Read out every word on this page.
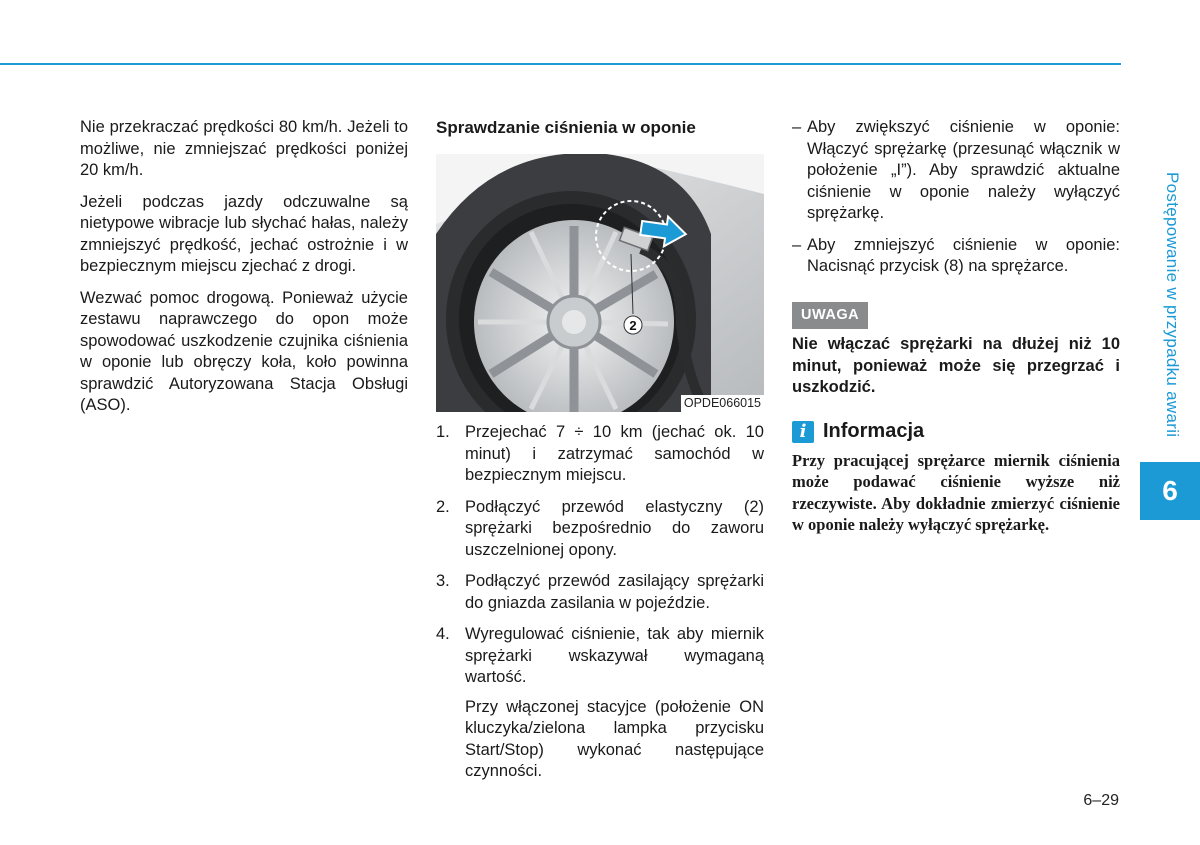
Nie przekraczać prędkości 80 km/h. Jeżeli to możliwe, nie zmniejszać prędkości poniżej 20 km/h.

Jeżeli podczas jazdy odczuwalne są nietypowe wibracje lub słychać hałas, należy zmniejszyć prędkość, jechać ostrożnie i w bezpiecznym miejscu zjechać z drogi.

Wezwać pomoc drogową. Ponieważ użycie zestawu naprawczego do opon może spowodować uszkodzenie czujnika ciśnienia w oponie lub obręczy koła, koło powinna sprawdzić Autoryzowana Stacja Obsługi (ASO).

Sprawdzanie ciśnienia w oponie
2
OPDE066015
1. Przejechać 7 ÷ 10 km (jechać ok. 10 minut) i zatrzymać samochód w bezpiecznym miejscu.
2. Podłączyć przewód elastyczny (2) sprężarki bezpośrednio do zaworu uszczelnionej opony.
3. Podłączyć przewód zasilający sprężarki do gniazda zasilania w pojeździe.
4. Wyregulować ciśnienie, tak aby miernik sprężarki wskazywał wymaganą wartość.

Przy włączonej stacyjce (położenie ON kluczyka/zielona lampka przycisku Start/Stop) wykonać następujące czynności.

– Aby zwiększyć ciśnienie w oponie: Włączyć sprężarkę (przesunąć włącznik w położenie „I”). Aby sprawdzić aktualne ciśnienie w oponie należy wyłączyć sprężarkę.
– Aby zmniejszyć ciśnienie w oponie: Nacisnąć przycisk (8) na sprężarce.
UWAGA

Nie włączać sprężarki na dłużej niż 10 minut, ponieważ może się przegrzać i uszkodzić.

i Informacja

Przy pracującej sprężarce miernik ciśnienia może podawać ciśnienie wyższe niż rzeczywiste. Aby dokładnie zmierzyć ciśnienie w oponie należy wyłączyć sprężarkę.

Postępowanie w przypadku awarii
6
6–29
